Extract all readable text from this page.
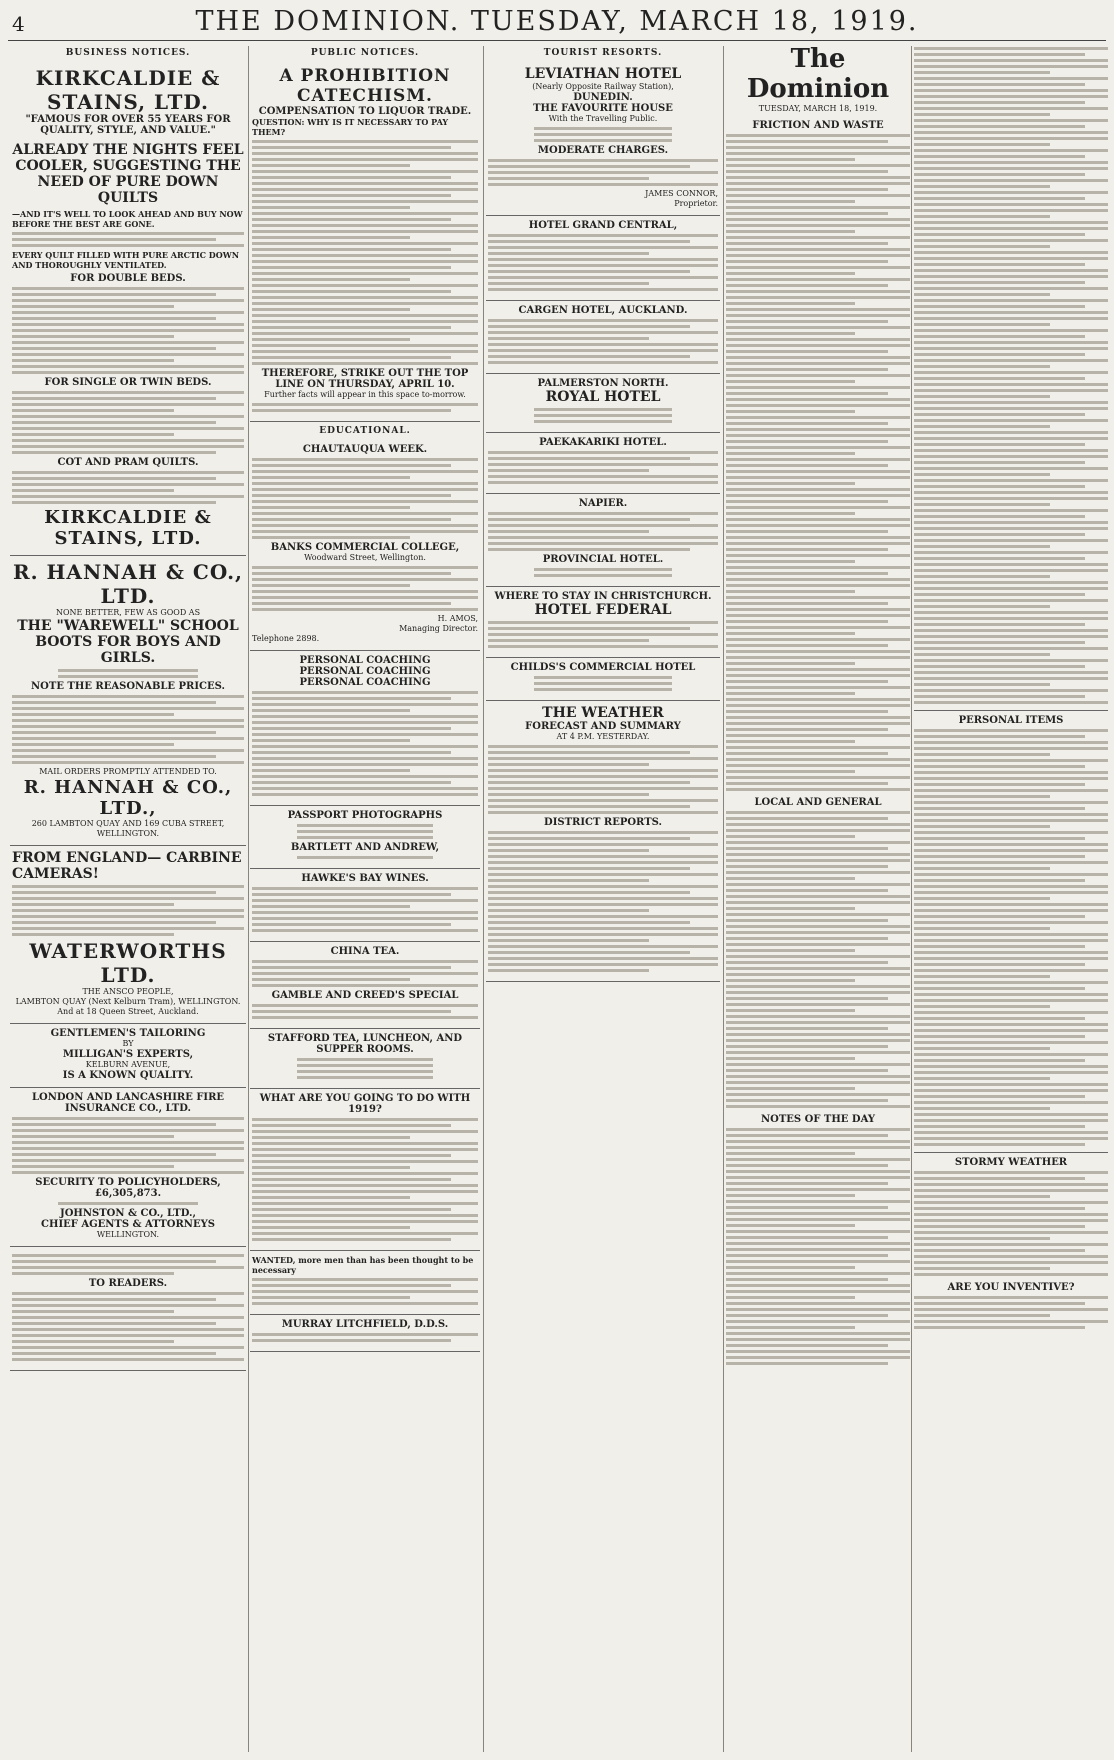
4	THE DOMINION. TUESDAY, MARCH 18, 1919.
BUSINESS NOTICES.
KIRKCALDIE & STAINS, LTD.
"FAMOUS FOR OVER 55 YEARS FOR QUALITY, STYLE, AND VALUE."
ALREADY THE NIGHTS FEEL COOLER, SUGGESTING THE NEED OF PURE DOWN QUILTS
—AND IT'S WELL TO LOOK AHEAD AND BUY NOW BEFORE THE BEST ARE GONE.
EVERY QUILT FILLED WITH PURE ARCTIC DOWN AND THOROUGHLY VENTILATED.
FOR DOUBLE BEDS.
FOR SINGLE OR TWIN BEDS.
COT AND PRAM QUILTS.
KIRKCALDIE & STAINS, LTD.
R. HANNAH & CO., LTD.
NONE BETTER, FEW AS GOOD AS
THE "WAREWELL" SCHOOL BOOTS FOR BOYS AND GIRLS.
NOTE THE REASONABLE PRICES.
MAIL ORDERS PROMPTLY ATTENDED TO.
R. HANNAH & CO., LTD.,
260 LAMBTON QUAY AND 169 CUBA STREET, WELLINGTON.
FROM ENGLAND— CARBINE CAMERAS!
WATERWORTHS LTD.
THE ANSCO PEOPLE,
LAMBTON QUAY (Next Kelburn Tram), WELLINGTON.
And at 18 Queen Street, Auckland.
GENTLEMEN'S TAILORING
BY
MILLIGAN'S EXPERTS,
KELBURN AVENUE,
IS A KNOWN QUALITY.
LONDON AND LANCASHIRE FIRE INSURANCE CO., LTD.
SECURITY TO POLICYHOLDERS,
£6,305,873.
JOHNSTON & CO., LTD.,
CHIEF AGENTS & ATTORNEYS
WELLINGTON.
TO READERS.
PUBLIC NOTICES.
A PROHIBITION CATECHISM.
COMPENSATION TO LIQUOR TRADE.
QUESTION: WHY IS IT NECESSARY TO PAY THEM?
THEREFORE, STRIKE OUT THE TOP LINE ON THURSDAY, APRIL 10.
Further facts will appear in this space to-morrow.
EDUCATIONAL.
CHAUTAUQUA WEEK.
BANKS COMMERCIAL COLLEGE,
Woodward Street, Wellington.
H. AMOS,
Managing Director.
Telephone 2898.
PERSONAL COACHING
PERSONAL COACHING
PERSONAL COACHING
PASSPORT PHOTOGRAPHS
BARTLETT AND ANDREW,
HAWKE'S BAY WINES.
CHINA TEA.
GAMBLE AND CREED'S SPECIAL
STAFFORD TEA, LUNCHEON, AND SUPPER ROOMS.
WHAT ARE YOU GOING TO DO WITH 1919?
WANTED, more men than has been thought to be necessary
MURRAY LITCHFIELD, D.D.S.
TOURIST RESORTS.
LEVIATHAN HOTEL
(Nearly Opposite Railway Station),
DUNEDIN.
THE FAVOURITE HOUSE
With the Travelling Public.
MODERATE CHARGES.
JAMES CONNOR,
Proprietor.
HOTEL GRAND CENTRAL,
CARGEN HOTEL, AUCKLAND.
PALMERSTON NORTH.
ROYAL HOTEL
PAEKAKARIKI HOTEL.
NAPIER.
PROVINCIAL HOTEL.
WHERE TO STAY IN CHRISTCHURCH.
HOTEL FEDERAL
CHILDS'S COMMERCIAL HOTEL
THE WEATHER
FORECAST AND SUMMARY
AT 4 P.M. YESTERDAY.
DISTRICT REPORTS.
The Dominion
TUESDAY, MARCH 18, 1919.
FRICTION AND WASTE
LOCAL AND GENERAL
NOTES OF THE DAY
PERSONAL ITEMS
STORMY WEATHER
ARE YOU INVENTIVE?
